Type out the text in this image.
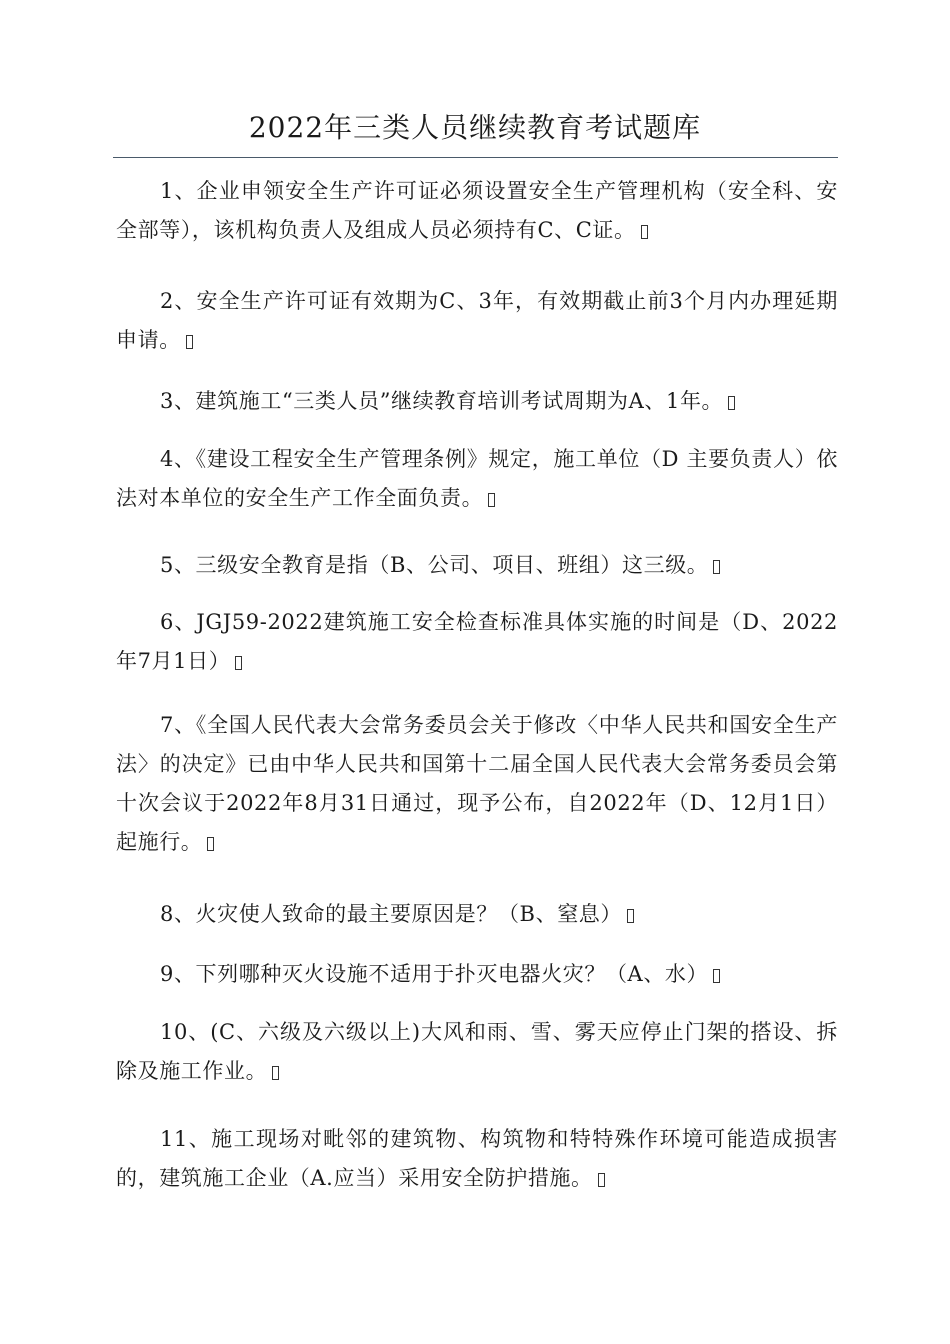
2022年三类人员继续教育考试题库

1、企业申领安全生产许可证必须设置安全生产管理机构（安全科、安全部等），该机构负责人及组成人员必须持有C、C证。

2、安全生产许可证有效期为C、3年，有效期截止前3个月内办理延期申请。

3、建筑施工“三类人员”继续教育培训考试周期为A、1年。

4、《建设工程安全生产管理条例》规定，施工单位（D 主要负责人）依法对本单位的安全生产工作全面负责。

5、三级安全教育是指（B、公司、项目、班组）这三级。

6、JGJ59-2022建筑施工安全检查标准具体实施的时间是（D、2022年7月1日）

7、《全国人民代表大会常务委员会关于修改〈中华人民共和国安全生产法〉的决定》已由中华人民共和国第十二届全国人民代表大会常务委员会第十次会议于2022年8月31日通过，现予公布，自2022年（D、12月1日）起施行。

8、火灾使人致命的最主要原因是？（B、窒息）

9、下列哪种灭火设施不适用于扑灭电器火灾？（A、水）

10、(C、六级及六级以上)大风和雨、雪、雾天应停止门架的搭设、拆除及施工作业。

11、施工现场对毗邻的建筑物、构筑物和特特殊作环境可能造成损害的，建筑施工企业（A.应当）采用安全防护措施。
